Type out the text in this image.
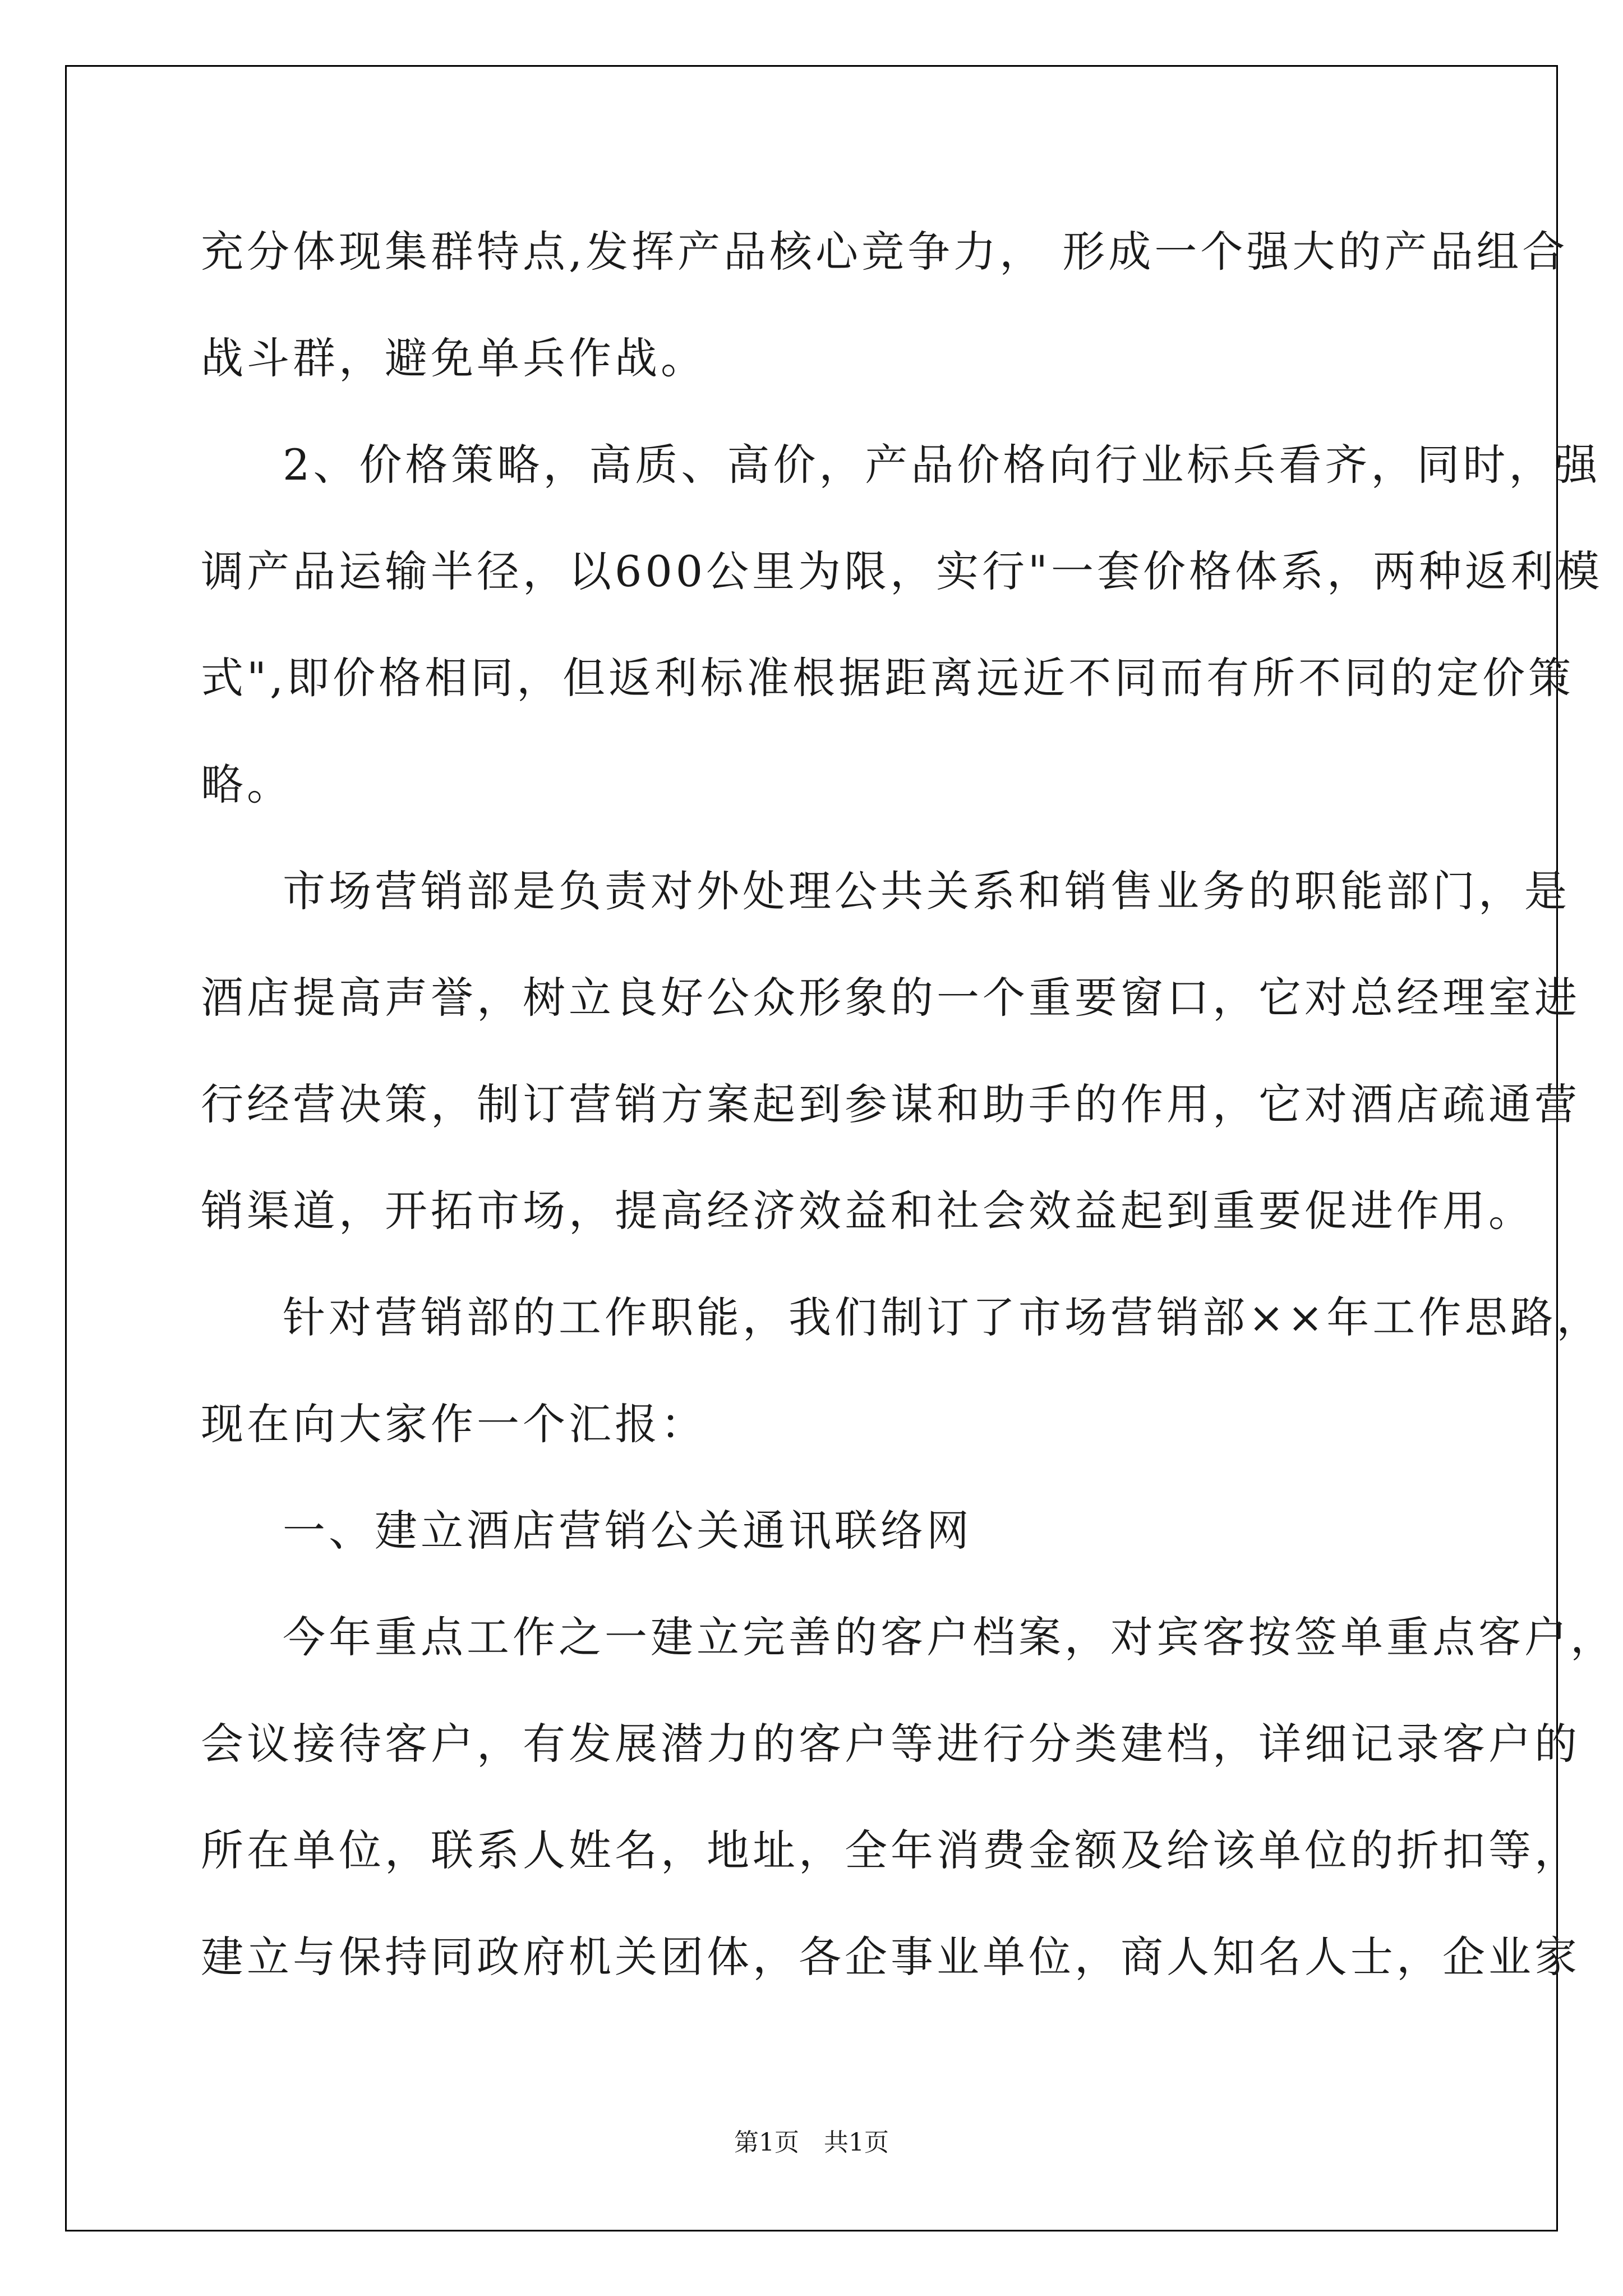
充分体现集群特点,发挥产品核心竞争力， 形成一个强大的产品组合
战斗群，避免单兵作战。
2、价格策略，高质、高价，产品价格向行业标兵看齐，同时，强
调产品运输半径，以600公里为限，实行"一套价格体系，两种返利模
式",即价格相同，但返利标准根据距离远近不同而有所不同的定价策
略。
市场营销部是负责对外处理公共关系和销售业务的职能部门，是
酒店提高声誉，树立良好公众形象的一个重要窗口，它对总经理室进
行经营决策，制订营销方案起到参谋和助手的作用，它对酒店疏通营
销渠道，开拓市场，提高经济效益和社会效益起到重要促进作用。
针对营销部的工作职能，我们制订了市场营销部××年工作思路，
现在向大家作一个汇报：
一、建立酒店营销公关通讯联络网
今年重点工作之一建立完善的客户档案，对宾客按签单重点客户，
会议接待客户，有发展潜力的客户等进行分类建档，详细记录客户的
所在单位，联系人姓名，地址，全年消费金额及给该单位的折扣等，
建立与保持同政府机关团体，各企事业单位，商人知名人士，企业家
第1页 共1页
